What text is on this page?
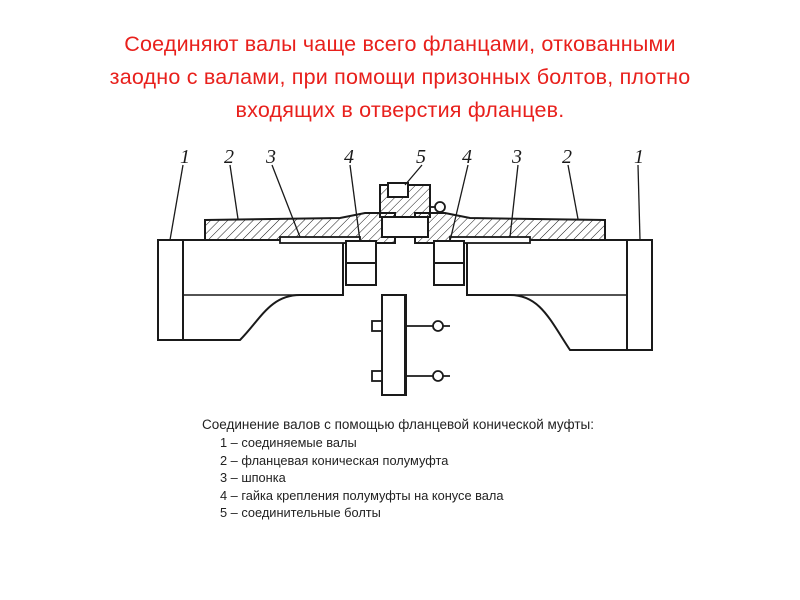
Соединяют валы чаще всего фланцами, откованными
заодно с валами, при помощи призонных болтов, плотно
входящих в отверстия фланцев.
1 2 3	4	5 4 3 2	1
Соединение валов с помощью фланцевой конической муфты:
1 – соединяемые валы
2 – фланцевая коническая полумуфта
3 – шпонка
4 – гайка крепления полумуфты на конусе вала
5 – соединительные болты
